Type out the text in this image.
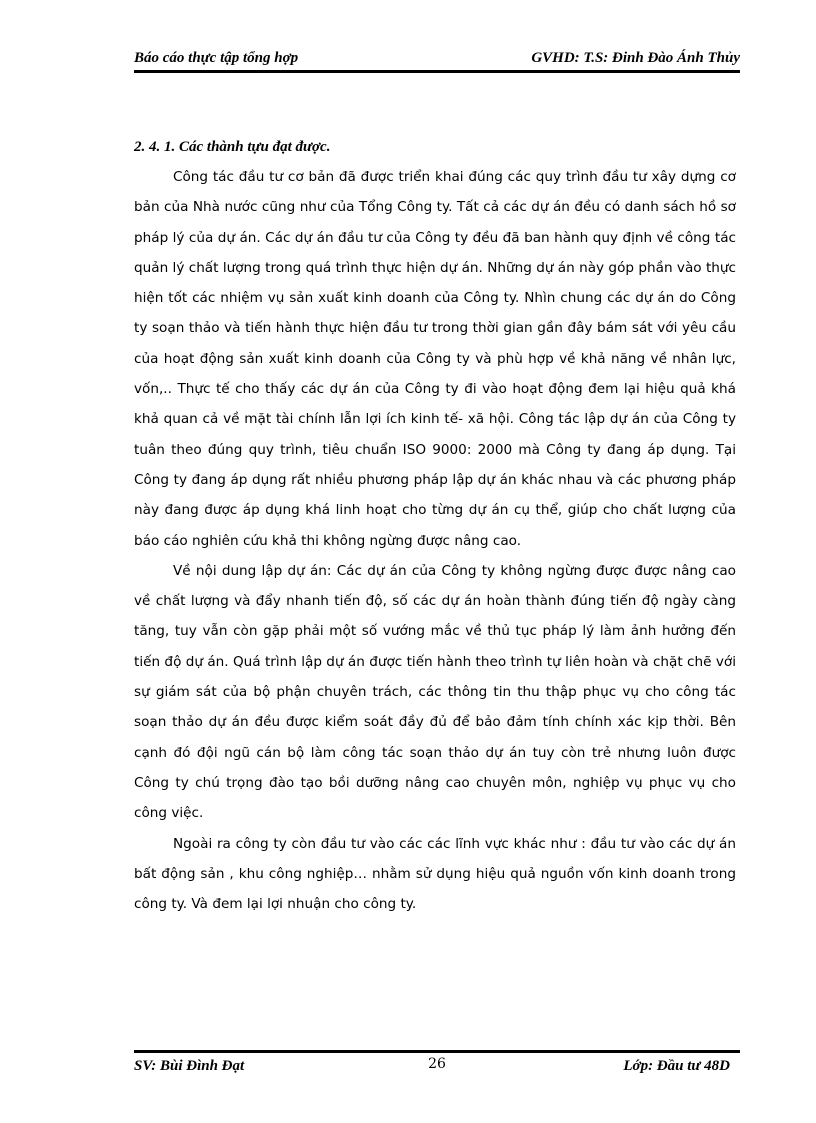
Báo cáo thực tập tổng hợp	GVHD: T.S: Đinh Đào Ánh Thủy

2. 4. 1. Các thành tựu đạt được.

Công tác đầu tư cơ bản đã được triển khai đúng các quy trình đầu tư xây dựng cơ bản của Nhà nước cũng như của Tổng Công ty. Tất cả các dự án đều có danh sách hồ sơ pháp lý của dự án. Các dự án đầu tư của Công ty đều đã ban hành quy định về công tác quản lý chất lượng trong quá trình thực hiện dự án. Những dự án này góp phần vào thực hiện tốt các nhiệm vụ sản xuất kinh doanh của Công ty. Nhìn chung các dự án do Công ty soạn thảo và tiến hành thực hiện đầu tư trong thời gian gần đây bám sát với yêu cầu của hoạt động sản xuất kinh doanh của Công ty và phù hợp về khả năng về nhân lực, vốn,.. Thực tế cho thấy các dự án của Công ty đi vào hoạt động đem lại hiệu quả khá khả quan cả về mặt tài chính lẫn lợi ích kinh tế- xã hội. Công tác lập dự án của Công ty tuân theo đúng quy trình, tiêu chuẩn ISO 9000: 2000 mà Công ty đang áp dụng. Tại Công ty đang áp dụng rất nhiều phương pháp lập dự án khác nhau và các phương pháp này đang được áp dụng khá linh hoạt cho từng dự án cụ thể, giúp cho chất lượng của báo cáo nghiên cứu khả thi không ngừng được nâng cao.

Về nội dung lập dự án: Các dự án của Công ty không ngừng được được nâng cao về chất lượng và đẩy nhanh tiến độ, số các dự án hoàn thành đúng tiến độ ngày càng tăng, tuy vẫn còn gặp phải một số vướng mắc về thủ tục pháp lý làm ảnh hưởng đến tiến độ dự án. Quá trình lập dự án được tiến hành theo trình tự liên hoàn và chặt chẽ với sự giám sát của bộ phận chuyên trách, các thông tin thu thập phục vụ cho công tác soạn thảo dự án đều được kiểm soát đầy đủ để bảo đảm tính chính xác kịp thời. Bên cạnh đó đội ngũ cán bộ làm công tác soạn thảo dự án tuy còn trẻ nhưng luôn được Công ty chú trọng đào tạo bồi dưỡng nâng cao chuyên môn, nghiệp vụ phục vụ cho công việc.

Ngoài ra công ty còn đầu tư vào các các lĩnh vực khác như : đầu tư vào các dự án bất động sản , khu công nghiệp… nhằm sử dụng hiệu quả nguồn vốn kinh doanh trong công ty. Và đem lại lợi nhuận cho công ty.

SV: Bùi Đình Đạt	26	Lớp: Đầu tư 48D
